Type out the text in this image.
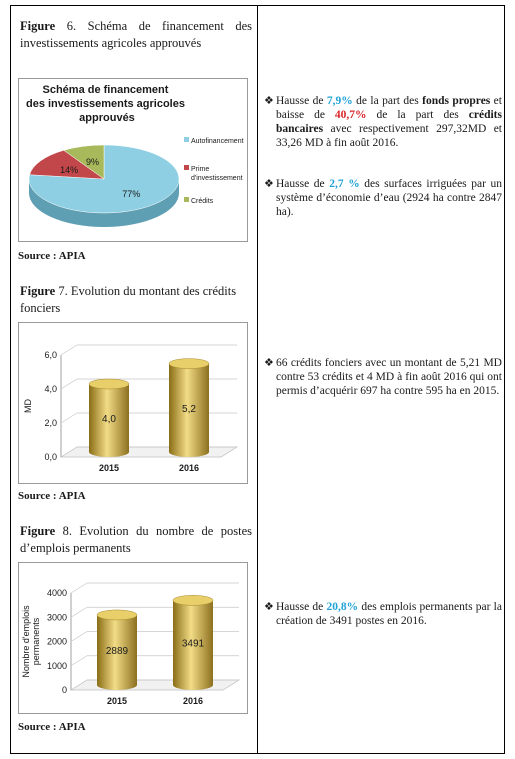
Figure 6. Schéma de financement des investissements agricoles approuvés
Schéma de financement des investissements agricoles approuvés
77%
14%
9%
Autofinancement
Prime d'investissement
Crédits
Source : APIA
Figure 7. Evolution du montant des crédits fonciers
0,0
2,0
4,0
6,0
MD
4,0
2015
5,2
2016
Source : APIA
Figure 8. Evolution du nombre de postes d’emplois permanents
0
1000
2000
3000
4000
Nombre d'emploispermanents	2889
2015
3491
2016
Source : APIA
❖ Hausse de 7,9% de la part des fonds propres et baisse de 40,7% de la part des crédits bancaires avec respectivement 297,32MD et 33,26 MD à fin août 2016.
❖ Hausse de 2,7 % des surfaces irriguées par un système d’économie d’eau (2924 ha contre 2847 ha).
❖ 66 crédits fonciers avec un montant de 5,21 MD contre 53 crédits et 4 MD à fin août 2016 qui ont permis d’acquérir 697 ha contre 595 ha en 2015.
❖ Hausse de 20,8% des emplois permanents par la création de 3491 postes en 2016.
